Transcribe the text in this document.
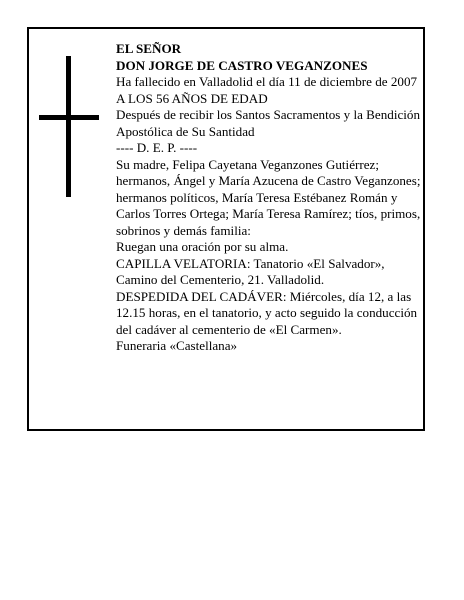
EL SEÑOR

DON JORGE DE CASTRO VEGANZONES

Ha fallecido en Valladolid el día 11 de diciembre de 2007

A LOS 56 AÑOS DE EDAD

Después de recibir los Santos Sacramentos y la Bendición Apostólica de Su Santidad

---- D. E. P. ----

Su madre, Felipa Cayetana Veganzones Gutiérrez; hermanos, Ángel y María Azucena de Castro Veganzones; hermanos políticos, María Teresa Estébanez Román y Carlos Torres Ortega; María Teresa Ramírez; tíos, primos, sobrinos y demás familia:

Ruegan una oración por su alma.

CAPILLA VELATORIA: Tanatorio «El Salvador», Camino del Cementerio, 21. Valladolid.

DESPEDIDA DEL CADÁVER: Miércoles, día 12, a las 12.15 horas, en el tanatorio, y acto seguido la conducción del cadáver al cementerio de «El Carmen».

Funeraria «Castellana»
